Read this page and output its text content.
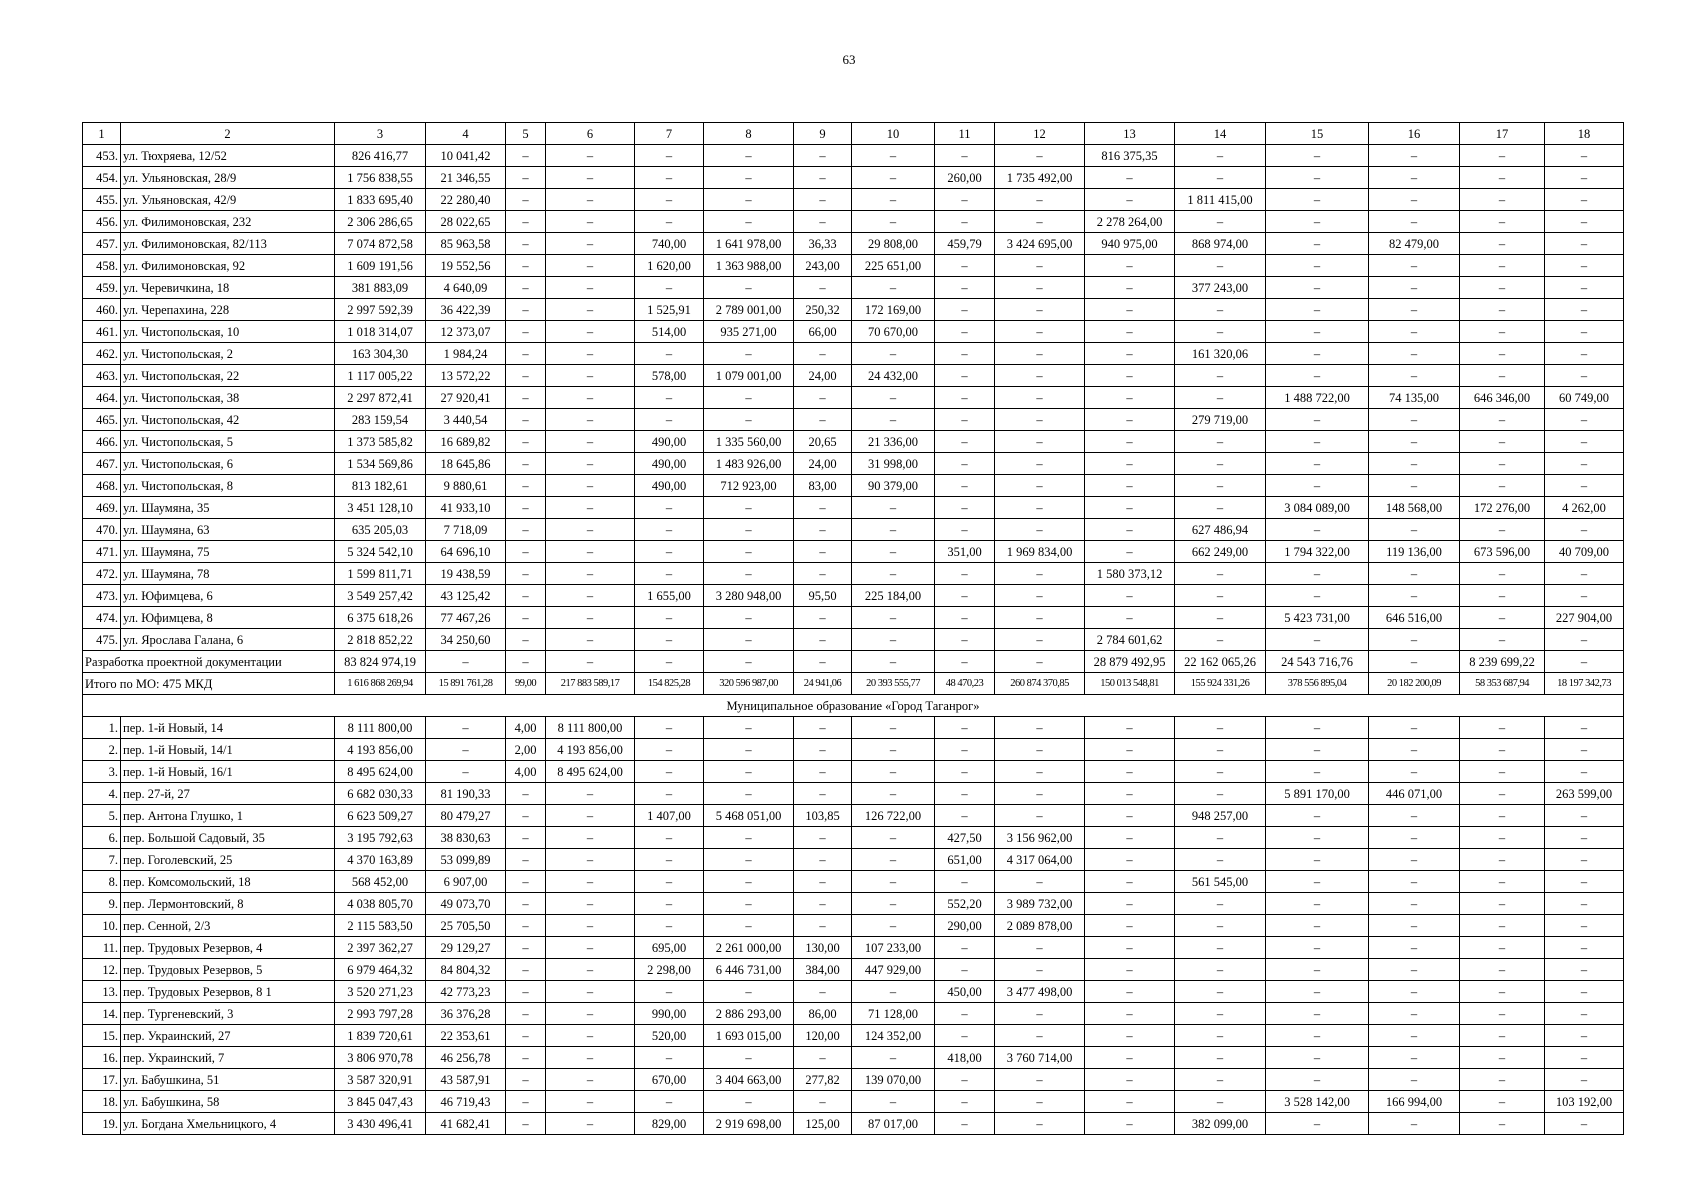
63
1	2	3	4	5	6	7	8	9	10	11	12	13	14	15	16	17	18
453.	ул. Тюхряева, 12/52	826 416,77	10 041,42	–	–	–	–	–	–	–	–	816 375,35	–	–	–	–	–
454.	ул. Ульяновская, 28/9	1 756 838,55	21 346,55	–	–	–	–	–	–	260,00	1 735 492,00	–	–	–	–	–	–
455.	ул. Ульяновская, 42/9	1 833 695,40	22 280,40	–	–	–	–	–	–	–	–	–	1 811 415,00	–	–	–	–
456.	ул. Филимоновская, 232	2 306 286,65	28 022,65	–	–	–	–	–	–	–	–	2 278 264,00	–	–	–	–	–
457.	ул. Филимоновская, 82/113	7 074 872,58	85 963,58	–	–	740,00	1 641 978,00	36,33	29 808,00	459,79	3 424 695,00	940 975,00	868 974,00	–	82 479,00	–	–
458.	ул. Филимоновская, 92	1 609 191,56	19 552,56	–	–	1 620,00	1 363 988,00	243,00	225 651,00	–	–	–	–	–	–	–	–
459.	ул. Черевичкина, 18	381 883,09	4 640,09	–	–	–	–	–	–	–	–	–	377 243,00	–	–	–	–
460.	ул. Черепахина, 228	2 997 592,39	36 422,39	–	–	1 525,91	2 789 001,00	250,32	172 169,00	–	–	–	–	–	–	–	–
461.	ул. Чистопольская, 10	1 018 314,07	12 373,07	–	–	514,00	935 271,00	66,00	70 670,00	–	–	–	–	–	–	–	–
462.	ул. Чистопольская, 2	163 304,30	1 984,24	–	–	–	–	–	–	–	–	–	161 320,06	–	–	–	–
463.	ул. Чистопольская, 22	1 117 005,22	13 572,22	–	–	578,00	1 079 001,00	24,00	24 432,00	–	–	–	–	–	–	–	–
464.	ул. Чистопольская, 38	2 297 872,41	27 920,41	–	–	–	–	–	–	–	–	–	–	1 488 722,00	74 135,00	646 346,00	60 749,00
465.	ул. Чистопольская, 42	283 159,54	3 440,54	–	–	–	–	–	–	–	–	–	279 719,00	–	–	–	–
466.	ул. Чистопольская, 5	1 373 585,82	16 689,82	–	–	490,00	1 335 560,00	20,65	21 336,00	–	–	–	–	–	–	–	–
467.	ул. Чистопольская, 6	1 534 569,86	18 645,86	–	–	490,00	1 483 926,00	24,00	31 998,00	–	–	–	–	–	–	–	–
468.	ул. Чистопольская, 8	813 182,61	9 880,61	–	–	490,00	712 923,00	83,00	90 379,00	–	–	–	–	–	–	–	–
469.	ул. Шаумяна, 35	3 451 128,10	41 933,10	–	–	–	–	–	–	–	–	–	–	3 084 089,00	148 568,00	172 276,00	4 262,00
470.	ул. Шаумяна, 63	635 205,03	7 718,09	–	–	–	–	–	–	–	–	–	627 486,94	–	–	–	–
471.	ул. Шаумяна, 75	5 324 542,10	64 696,10	–	–	–	–	–	–	351,00	1 969 834,00	–	662 249,00	1 794 322,00	119 136,00	673 596,00	40 709,00
472.	ул. Шаумяна, 78	1 599 811,71	19 438,59	–	–	–	–	–	–	–	–	1 580 373,12	–	–	–	–	–
473.	ул. Юфимцева, 6	3 549 257,42	43 125,42	–	–	1 655,00	3 280 948,00	95,50	225 184,00	–	–	–	–	–	–	–	–
474.	ул. Юфимцева, 8	6 375 618,26	77 467,26	–	–	–	–	–	–	–	–	–	–	5 423 731,00	646 516,00	–	227 904,00
475.	ул. Ярослава Галана, 6	2 818 852,22	34 250,60	–	–	–	–	–	–	–	–	2 784 601,62	–	–	–	–	–
Разработка проектной документации		83 824 974,19	–	–	–	–	–	–	–	–	–	28 879 492,95	22 162 065,26	24 543 716,76	–	8 239 699,22	–
Итого по МО: 475 МКД		1 616 868 269,94	15 891 761,28	99,00	217 883 589,17	154 825,28	320 596 987,00	24 941,06	20 393 555,77	48 470,23	260 874 370,85	150 013 548,81	155 924 331,26	378 556 895,04	20 182 200,09	58 353 687,94	18 197 342,73
Муниципальное образование «Город Таганрог»																	
1.	пер. 1-й Новый, 14	8 111 800,00	–	4,00	8 111 800,00	–	–	–	–	–	–	–	–	–	–	–	–
2.	пер. 1-й Новый, 14/1	4 193 856,00	–	2,00	4 193 856,00	–	–	–	–	–	–	–	–	–	–	–	–
3.	пер. 1-й Новый, 16/1	8 495 624,00	–	4,00	8 495 624,00	–	–	–	–	–	–	–	–	–	–	–	–
4.	пер. 27-й, 27	6 682 030,33	81 190,33	–	–	–	–	–	–	–	–	–	–	5 891 170,00	446 071,00	–	263 599,00
5.	пер. Антона Глушко, 1	6 623 509,27	80 479,27	–	–	1 407,00	5 468 051,00	103,85	126 722,00	–	–	–	948 257,00	–	–	–	–
6.	пер. Большой Садовый, 35	3 195 792,63	38 830,63	–	–	–	–	–	–	427,50	3 156 962,00	–	–	–	–	–	–
7.	пер. Гоголевский, 25	4 370 163,89	53 099,89	–	–	–	–	–	–	651,00	4 317 064,00	–	–	–	–	–	–
8.	пер. Комсомольский, 18	568 452,00	6 907,00	–	–	–	–	–	–	–	–	–	561 545,00	–	–	–	–
9.	пер. Лермонтовский, 8	4 038 805,70	49 073,70	–	–	–	–	–	–	552,20	3 989 732,00	–	–	–	–	–	–
10.	пер. Сенной, 2/3	2 115 583,50	25 705,50	–	–	–	–	–	–	290,00	2 089 878,00	–	–	–	–	–	–
11.	пер. Трудовых Резервов, 4	2 397 362,27	29 129,27	–	–	695,00	2 261 000,00	130,00	107 233,00	–	–	–	–	–	–	–	–
12.	пер. Трудовых Резервов, 5	6 979 464,32	84 804,32	–	–	2 298,00	6 446 731,00	384,00	447 929,00	–	–	–	–	–	–	–	–
13.	пер. Трудовых Резервов, 8 1	3 520 271,23	42 773,23	–	–	–	–	–	–	450,00	3 477 498,00	–	–	–	–	–	–
14.	пер. Тургеневский, 3	2 993 797,28	36 376,28	–	–	990,00	2 886 293,00	86,00	71 128,00	–	–	–	–	–	–	–	–
15.	пер. Украинский, 27	1 839 720,61	22 353,61	–	–	520,00	1 693 015,00	120,00	124 352,00	–	–	–	–	–	–	–	–
16.	пер. Украинский, 7	3 806 970,78	46 256,78	–	–	–	–	–	–	418,00	3 760 714,00	–	–	–	–	–	–
17.	ул. Бабушкина, 51	3 587 320,91	43 587,91	–	–	670,00	3 404 663,00	277,82	139 070,00	–	–	–	–	–	–	–	–
18.	ул. Бабушкина, 58	3 845 047,43	46 719,43	–	–	–	–	–	–	–	–	–	–	3 528 142,00	166 994,00	–	103 192,00
19.	ул. Богдана Хмельницкого, 4	3 430 496,41	41 682,41	–	–	829,00	2 919 698,00	125,00	87 017,00	–	–	–	382 099,00	–	–	–	–
